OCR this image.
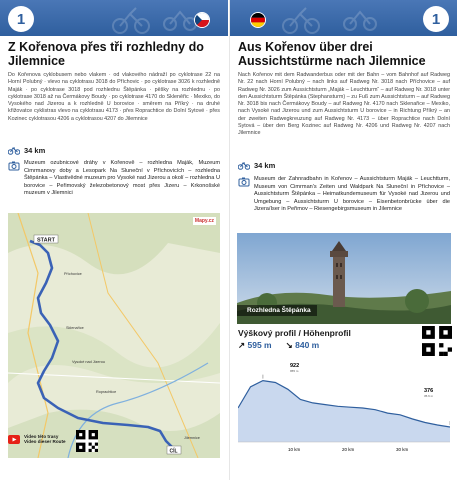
1
Z Kořenova přes tři rozhledny do Jilemnice
Do Kořenova cyklobusem nebo vlakem · od vlakového nádraží po cyklotrase 22 na Horní Polubný · vlevo na cyklotrasu 3018 do Příchovic · po cyklotrase 3026 k rozhledně Maják · po cyklotrase 3018 pod rozhlednu Štěpánka · pěšky na rozhlednu · po cyklotrase 3018 až na Čermákovy Boudy · po cyklotrase 4170 do Skleněřic · Mexiko, do Vysokého nad Jizerou a k rozhledně U borovice · směrem na Příkrý · na druhé křižovatce cyklistras vlevo na cyklotrasu 4173 · přes Roprachtice do Dolní Sytové · přes Kozinec cyklotrasou 4206 a cyklotrasou 4207 do Jilemnice
34 km
Muzeum ozubnicové dráhy v Kořenově – rozhledna Maják, Muzeum Cimrmanovy doby a Lesopark Na Sluneční v Příchovicích – rozhledna Štěpánka – Vlastivědné muzeum pro Vysoké nad Jizerou a okolí – rozhledna U borovice – Peřimovský železobetonový most přes Jizeru – Krkonošské muzeum v Jilemnici
START
CÍL
Příchovice
Sklenařice
Roprachtice
Vysoké nad Jizerou
Jilemnice
Mapy.cz
Video této trasy
Video dieser Route
1
Aus Kořenov über drei Aussichtstürme nach Jilemnice
Nach Kořenov mit dem Radwanderbus oder mit der Bahn – vom Bahnhof auf Radweg Nr. 22 nach Horní Polubný – nach links auf Radweg Nr. 3018 nach Příchovice – auf Radweg Nr. 3026 zum Aussichtsturm „Maják – Leuchtturm“ – auf Radweg Nr. 3018 unter den Aussichtsturm Štěpánka (Stephansturm) – zu Fuß zum Aussichtsturm – auf Radweg Nr. 3018 bis nach Čermákovy Boudy – auf Radweg Nr. 4170 nach Sklenařice – Mexiko, nach Vysoké nad Jizerou und zum Aussichtsturm U borovice – in Richtung Příkrý – an der zweiten Radwegkreuzung auf Radweg Nr. 4173 – über Roprachtice nach Dolní Sytová – über den Berg Kozinec auf Radweg Nr. 4206 und Radweg Nr. 4207 nach Jilemnice
34 km
Museum der Zahnradbahn in Kořenov – Aussichtsturm Maják – Leuchtturm, Museum von Cimrman's Zeiten und Waldpark Na Sluneční in Příchovice – Aussichtsturm Štěpánka – Heimatkundemuseum für Vysoké nad Jizerou und Umgebung – Aussichtsturm U borovice – Eisenbetonbrücke über die Jizera/Iser in Peřimov – Riesengebirgsmuseum in Jilemnice
Rozhledna Štěpánka
Výškový profil / Höhenprofil
↗ 595 m ↘ 840 m
922
955 m
376
35.6 m
10 km	20 km	30 km
